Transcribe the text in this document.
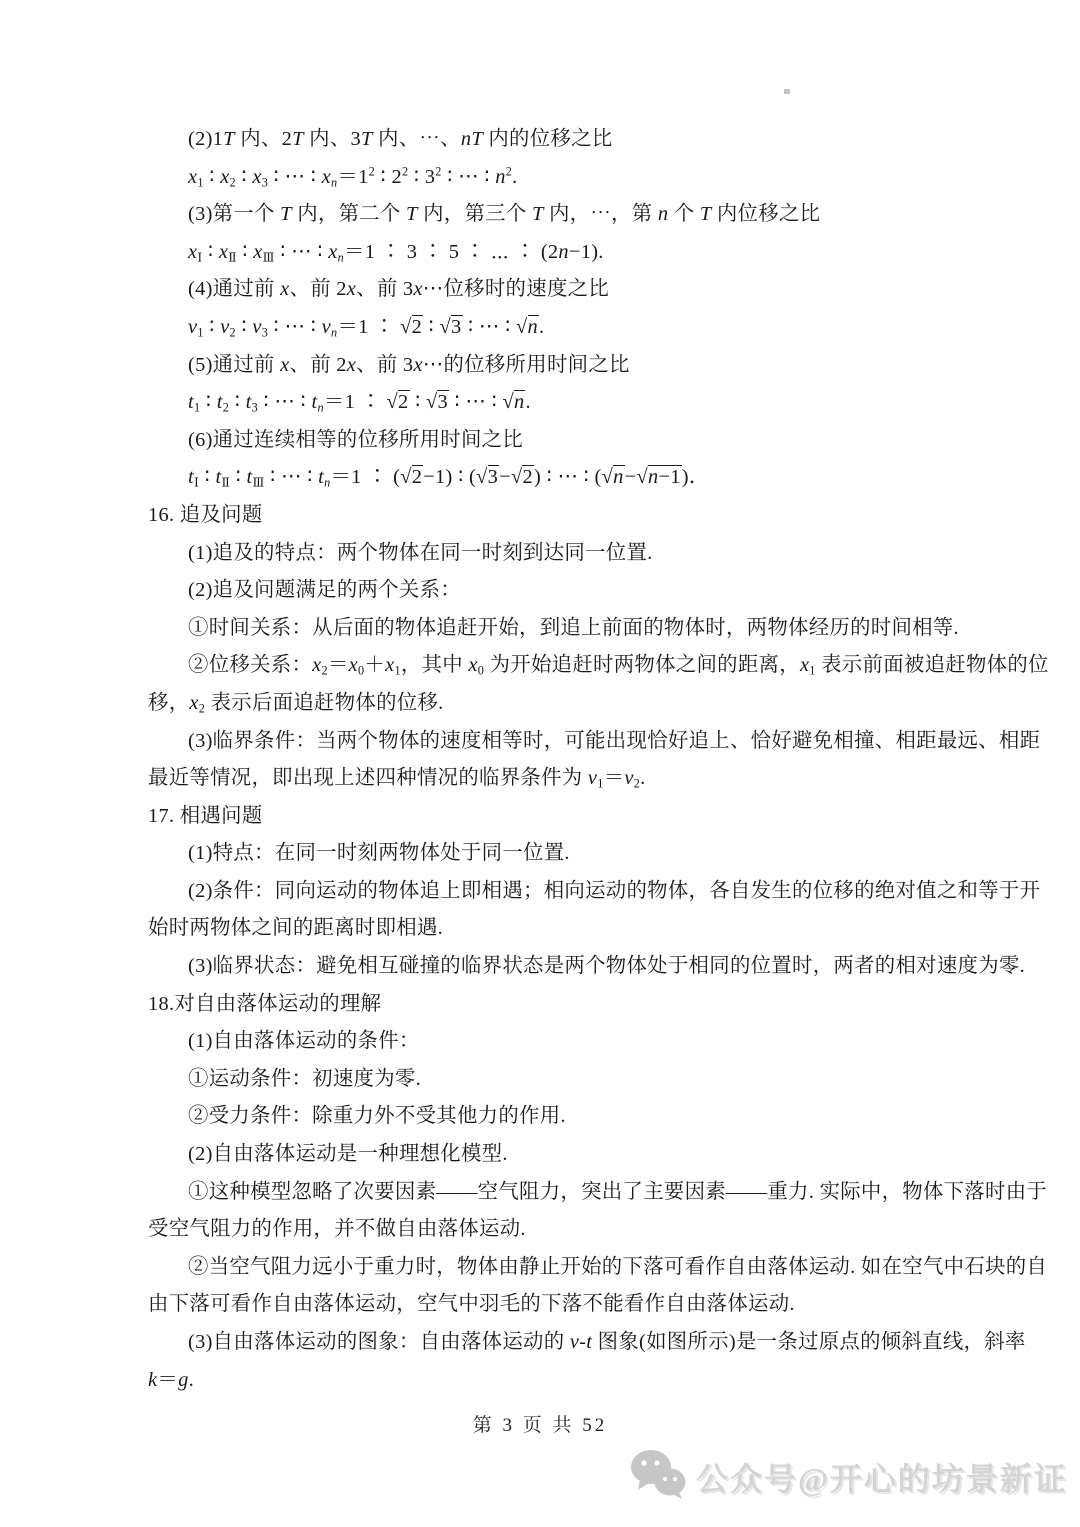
(2)1T 内、2T 内、3T 内、⋯、nT 内的位移之比

$x_1$ ∶ $x_2$ ∶ $x_3$ ∶ ⋯ ∶ $x_n=1^2$ ∶ $2^2$ ∶ $3^2$ ∶ ⋯ ∶ $n^2$.

(3)第一个 T 内，第二个 T 内，第三个 T 内，⋯，第 n 个 T 内位移之比

$x_Ⅰ$ ∶ $x_Ⅱ$ ∶ $x_Ⅲ$ ∶ ⋯ ∶ $x_n=1$ ∶ 3 ∶ 5 ∶ ⋯ ∶ (2n−1).

(4)通过前 x、前 2x、前 3x⋯位移时的速度之比

$v_1$ ∶ $v_2$ ∶ $v_3$ ∶ ⋯ ∶ $v_n=1$ ∶ √2 ∶ √3 ∶ ⋯ ∶ √n.

(5)通过前 x、前 2x、前 3x⋯的位移所用时间之比

$t_1$ ∶ $t_2$ ∶ $t_3$ ∶ ⋯ ∶ $t_n=1$ ∶ √2 ∶ √3 ∶ ⋯ ∶ √n.

(6)通过连续相等的位移所用时间之比

$t_Ⅰ$ ∶ $t_Ⅱ$ ∶ $t_Ⅲ$ ∶ ⋯ ∶ $t_n=1$ ∶ (√2−1) ∶ (√3−√2) ∶ ⋯ ∶ (√n−√n−1)．

16. 追及问题

(1)追及的特点：两个物体在同一时刻到达同一位置.

(2)追及问题满足的两个关系：

①时间关系：从后面的物体追赶开始，到追上前面的物体时，两物体经历的时间相等.

②位移关系：$x_2=x_0+x_1$，其中 $x_0$ 为开始追赶时两物体之间的距离，$x_1$ 表示前面被追赶物体的位

移，$x_2$ 表示后面追赶物体的位移.

(3)临界条件：当两个物体的速度相等时，可能出现恰好追上、恰好避免相撞、相距最远、相距

最近等情况，即出现上述四种情况的临界条件为 $v_1=v_2$.

17. 相遇问题

(1)特点：在同一时刻两物体处于同一位置.

(2)条件：同向运动的物体追上即相遇；相向运动的物体，各自发生的位移的绝对值之和等于开

始时两物体之间的距离时即相遇.

(3)临界状态：避免相互碰撞的临界状态是两个物体处于相同的位置时，两者的相对速度为零.

18.对自由落体运动的理解

(1)自由落体运动的条件：

①运动条件：初速度为零.

②受力条件：除重力外不受其他力的作用.

(2)自由落体运动是一种理想化模型.

①这种模型忽略了次要因素——空气阻力，突出了主要因素——重力. 实际中，物体下落时由于

受空气阻力的作用，并不做自由落体运动.

②当空气阻力远小于重力时，物体由静止开始的下落可看作自由落体运动. 如在空气中石块的自

由下落可看作自由落体运动，空气中羽毛的下落不能看作自由落体运动.

(3)自由落体运动的图象：自由落体运动的 v-t 图象(如图所示)是一条过原点的倾斜直线，斜率

k＝g.

第 3 页 共 52
公众号@开心的坊景新证
